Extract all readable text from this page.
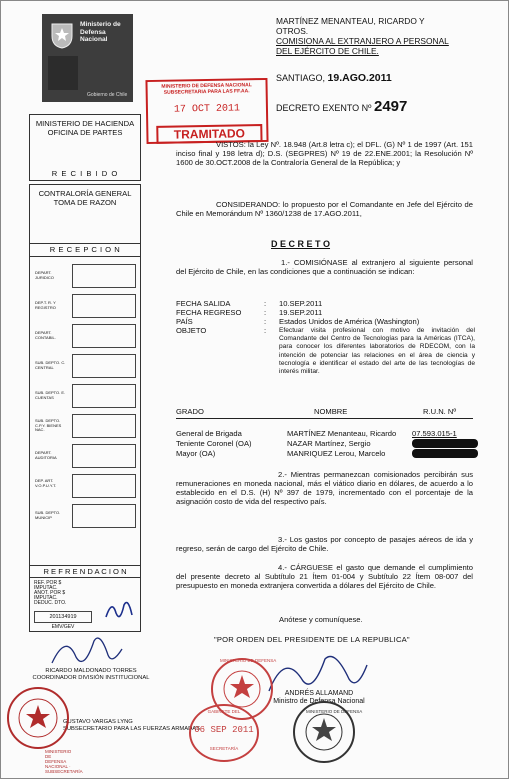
Ministerio de
Defensa
Nacional
Gobierno de Chile
MARTÍNEZ MENANTEAU, RICARDO Y
OTROS.
COMISIONA AL EXTRANJERO A PERSONAL
DEL EJÉRCITO DE CHILE.
MINISTERIO DE DEFENSA NACIONAL
SUBSECRETARIA PARA LAS FF.AA.
17 OCT 2011
TRAMITADO
SANTIAGO, 19.AGO.2011
DECRETO EXENTO Nº 2497
MINISTERIO DE HACIENDA
OFICINA DE PARTES
R E C I B I D O
CONTRALORÍA GENERAL
TOMA DE RAZON
R E C E P C I O N
DEPART. JURIDICO
DEP.T. R. Y REGISTRO
DEPART. CONTABIL.
SUB. DEPTO. C. CENTRAL
SUB. DEPTO. E. CUENTAS
SUB. DEPTO. C.P.Y. BIENES NAC.
DEPART. AUDITORIA
DEP. ART. V.O.P.U.Y.T.
SUB. DEPTO. MUNICIP
R E F R E N D A C I O N
REF. POR $
IMPUTAC.
ANOT. POR $
IMPUTAC.
DEDUC. DTO.
201134919
EMV/GEV
VISTOS: la Ley Nº. 18.948 (Art.8 letra c); el DFL. (G) Nº 1 de 1997 (Art. 151 inciso final y 198 letra d); D.S. (SEGPRES) Nº 19 de 22.ENE.2001; la Resolución Nº 1600 de 30.OCT.2008 de la Contraloría General de la República; y
CONSIDERANDO: lo propuesto por el Comandante en Jefe del Ejército de Chile en Memorándum Nº 1360/1238 de 17.AGO.2011,
D E C R E T O
1.- COMISIÓNASE al extranjero al siguiente personal del Ejército de Chile, en las condiciones que a continuación se indican:
FECHA SALIDA	: 10.SEP.2011
FECHA REGRESO	: 19.SEP.2011
PAÍS	: Estados Unidos de América (Washington)
OBJETO	: Efectuar visita profesional con motivo de invitación del Comandante del Centro de Tecnologías para la Américas (ITCA), para conocer los diferentes laboratorios de RDECOM, con la intención de potenciar las relaciones en el área de ciencia y tecnología e identificar el estado del arte de las tecnologías de interés militar.
GRADO	NOMBRE	R.U.N. Nº
General de Brigada	MARTÍNEZ Menanteau, Ricardo 07.593.015-1
Teniente Coronel (OA)	NAZAR Martínez, Sergio
Mayor (OA)	MANRIQUEZ Lerou, Marcelo
2.- Mientras permanezcan comisionados percibirán sus remuneraciones en moneda nacional, más el viático diario en dólares, de acuerdo a lo establecido en el D.S. (H) Nº 397 de 1979, incrementado con el porcentaje de la asignación costo de vida del respectivo país.
3.- Los gastos por concepto de pasajes aéreos de ida y regreso, serán de cargo del Ejército de Chile.
4.- CÁRGUESE el gasto que demande el cumplimiento del presente decreto al Subtítulo 21 Ítem 01-004 y Subtítulo 22 Ítem 08-007 del presupuesto en moneda extranjera convertida a dólares del Ejército de Chile.
Anótese y comuníquese.
"POR ORDEN DEL PRESIDENTE DE LA REPUBLICA"
RICARDO MALDONADO TORRES
COORDINADOR DIVISIÓN INSTITUCIONAL
GUSTAVO VARGAS LYNG
SUBSECRETARIO PARA LAS FUERZAS ARMADAS
ANDRÉS ALLAMAND
Ministro de Defensa Nacional
MINISTERIO DE DEFENSA NACIONAL · SUBSECRETARÍA
MINISTERIO DE DEFENSA
GABINETE DEL
06 SEP 2011
SECRETARÍA
MINISTERIO DE DEFENSA
